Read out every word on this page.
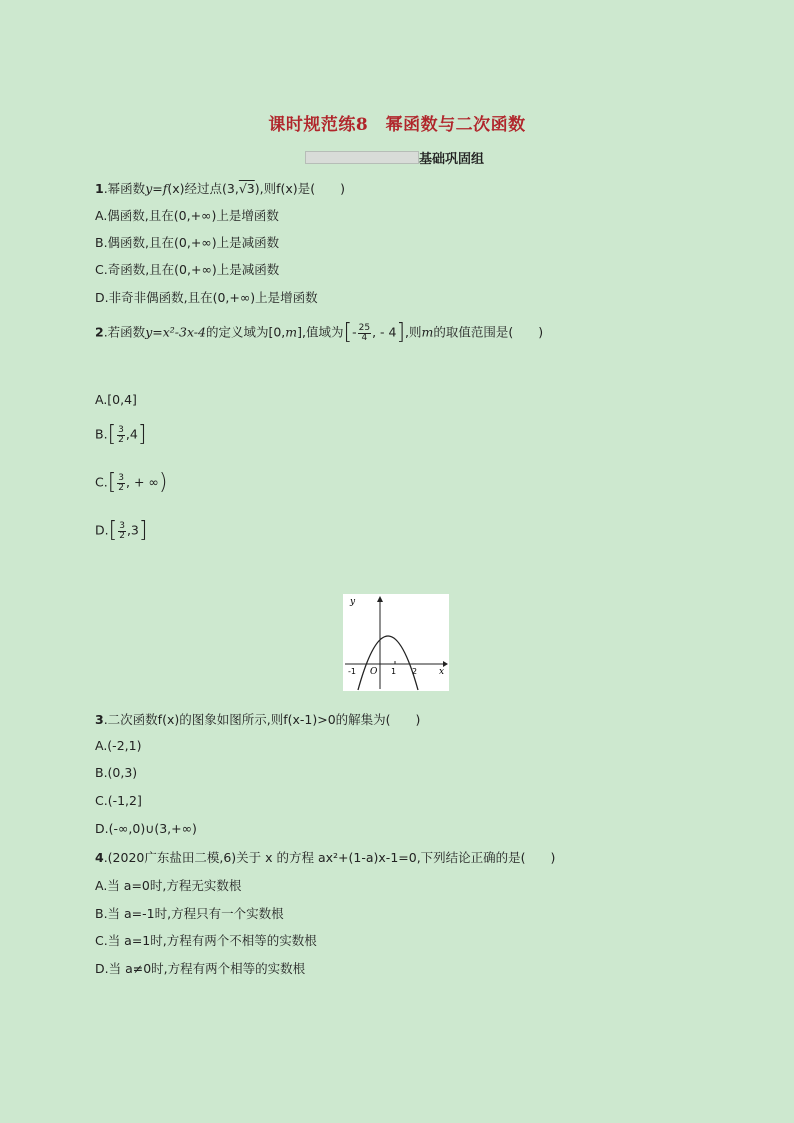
课时规范练8　幂函数与二次函数
基础巩固组
1.幂函数y=f(x)经过点(3,√3),则f(x)是(　　)
A.偶函数,且在(0,+∞)上是增函数
B.偶函数,且在(0,+∞)上是减函数
C.奇函数,且在(0,+∞)上是减函数
D.非奇非偶函数,且在(0,+∞)上是增函数
2.若函数y=x²-3x-4的定义域为[0,m],值域为[- $\frac{25}{4}$ , - 4],则m的取值范围是(　　)
A.[0,4]
$B.[ \frac{3}{2} ,4]$
$C.[ \frac{3}{2}$ , + ∞)
$D.[ \frac{3}{2} ,3]$
y
x
O
-1	1 2
3.二次函数f(x)的图象如图所示,则f(x-1)>0的解集为(　　)
A.(-2,1)
B.(0,3)
C.(-1,2]
D.(-∞,0)∪(3,+∞)
4.(2020广东盐田二模,6)关于 x 的方程 ax²+(1-a)x-1=0,下列结论正确的是(　　)
A.当 a=0时,方程无实数根
B.当 a=-1时,方程只有一个实数根
C.当 a=1时,方程有两个不相等的实数根
D.当 a≠0时,方程有两个相等的实数根
